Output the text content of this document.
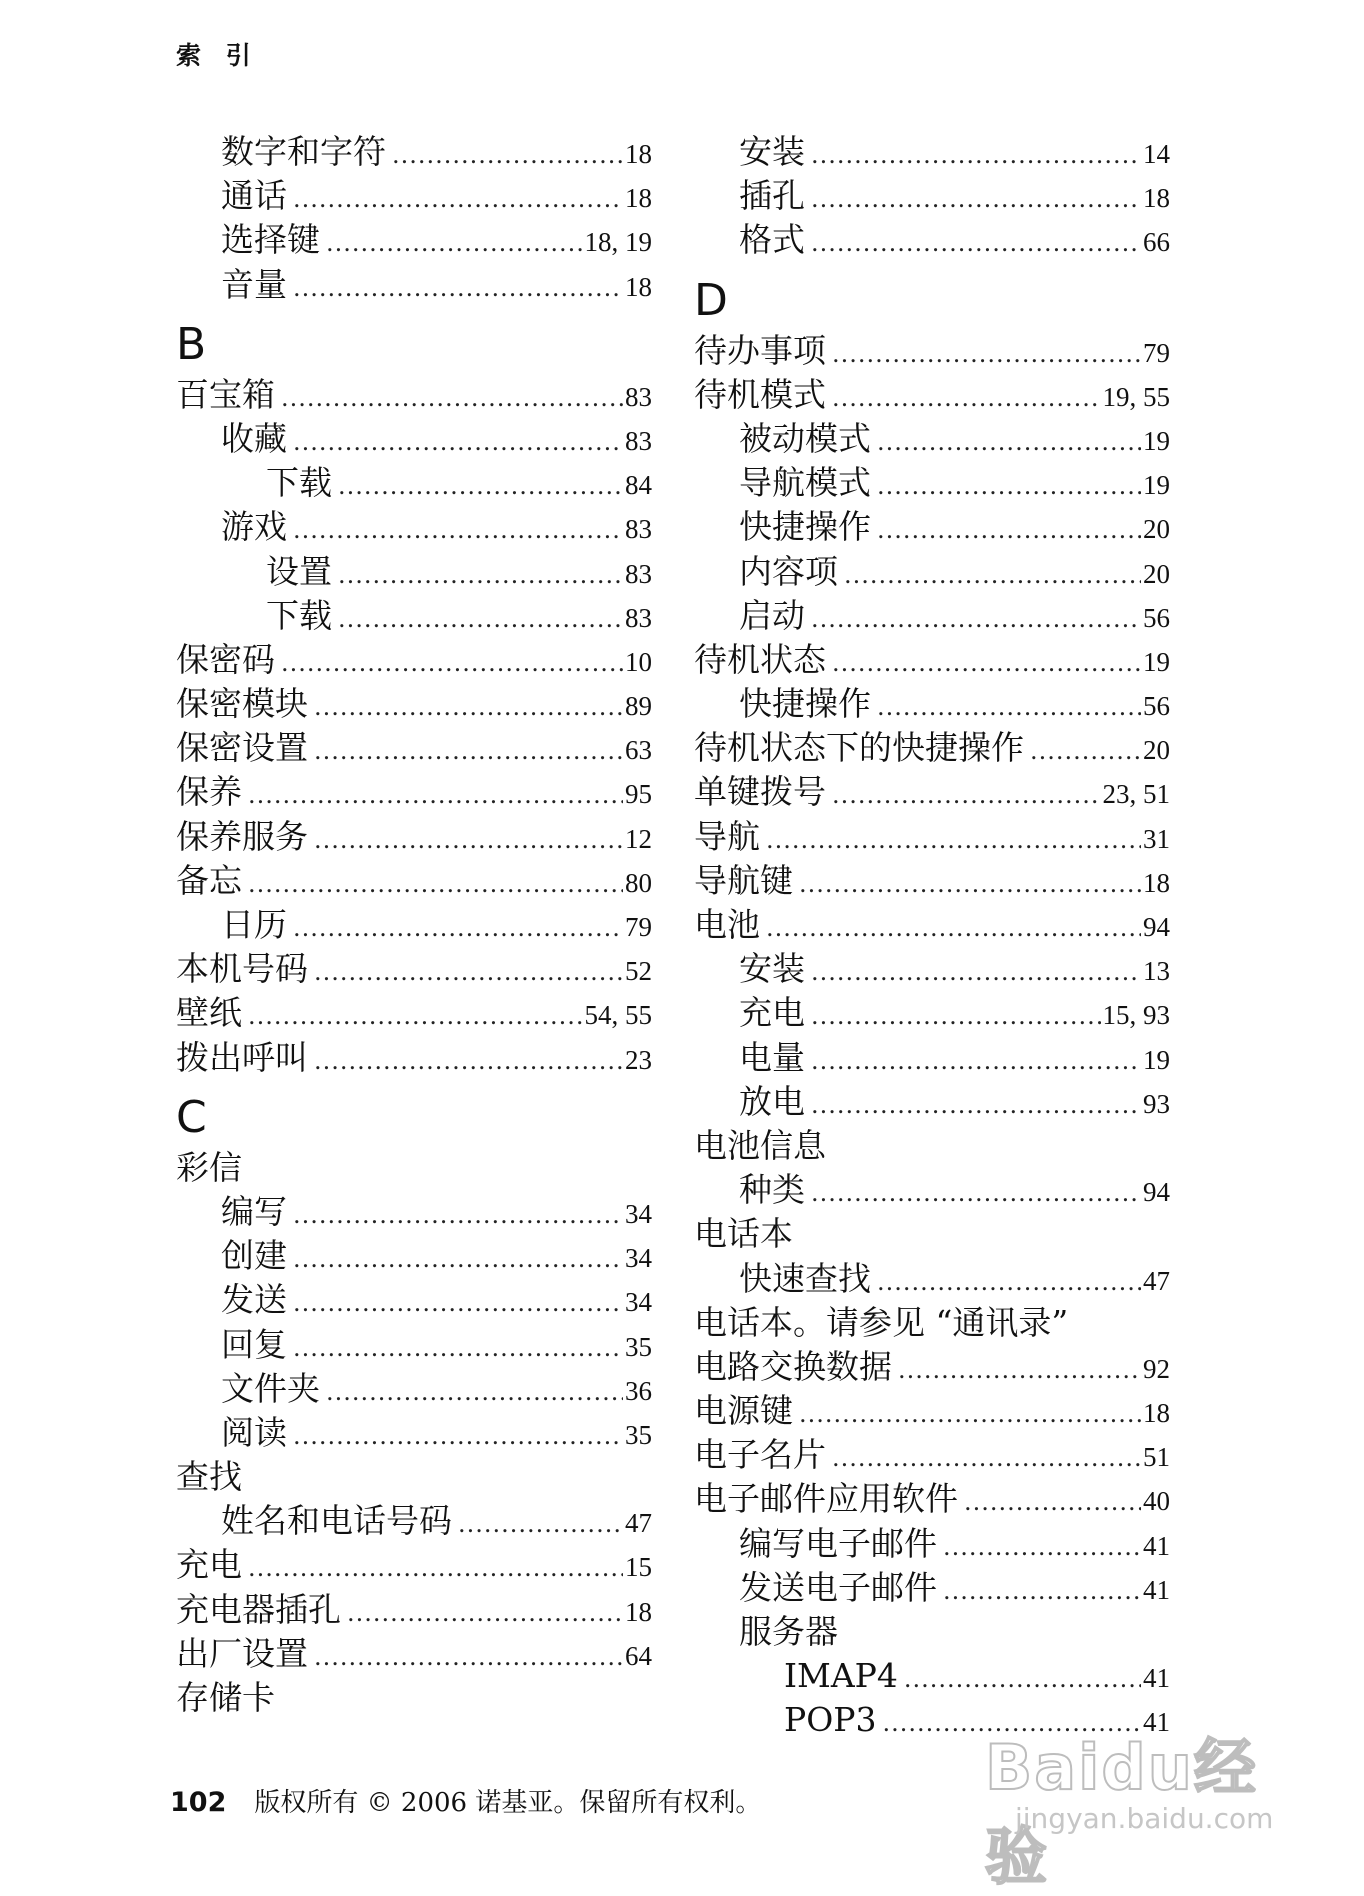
索 引
数字和字符 .....	18
通话 .....	18
选择键 .....	18, 19
音量 .....	18
B
百宝箱 .....	83
收藏 .....	83
下载 .....	84
游戏 .....	83
设置 .....	83
下载 .....	83
保密码 .....	10
保密模块 .....	89
保密设置 .....	63
保养 .....	95
保养服务 .....	12
备忘 .....	80
日历 .....	79
本机号码 .....	52
壁纸 .....	54, 55
拨出呼叫 .....	23
C
彩信
编写 .....	34
创建 .....	34
发送 .....	34
回复 .....	35
文件夹 .....	36
阅读 .....	35
查找
姓名和电话号码 .....	47
充电 .....	15
充电器插孔 .....	18
出厂设置 .....	64
存储卡
安装 .....	14
插孔 .....	18
格式 .....	66
D
待办事项 .....	79
待机模式 .....	19, 55
被动模式 .....	19
导航模式 .....	19
快捷操作 .....	20
内容项 .....	20
启动 .....	56
待机状态 .....	19
快捷操作 .....	56
待机状态下的快捷操作 .....	20
单键拨号 .....	23, 51
导航 .....	31
导航键 .....	18
电池 .....	94
安装 .....	13
充电 .....	15, 93
电量 .....	19
放电 .....	93
电池信息
种类 .....	94
电话本
快速查找 .....	47
电话本。请参见 “通讯录”
电路交换数据 .....	92
电源键 .....	18
电子名片 .....	51
电子邮件应用软件 .....	40
编写电子邮件 .....	41
发送电子邮件 .....	41
服务器
IMAP4 .....	41
POP3 .....	41
102 版权所有 © 2006 诺基亚。保留所有权利。	Baidu经验
jingyan.baidu.com
